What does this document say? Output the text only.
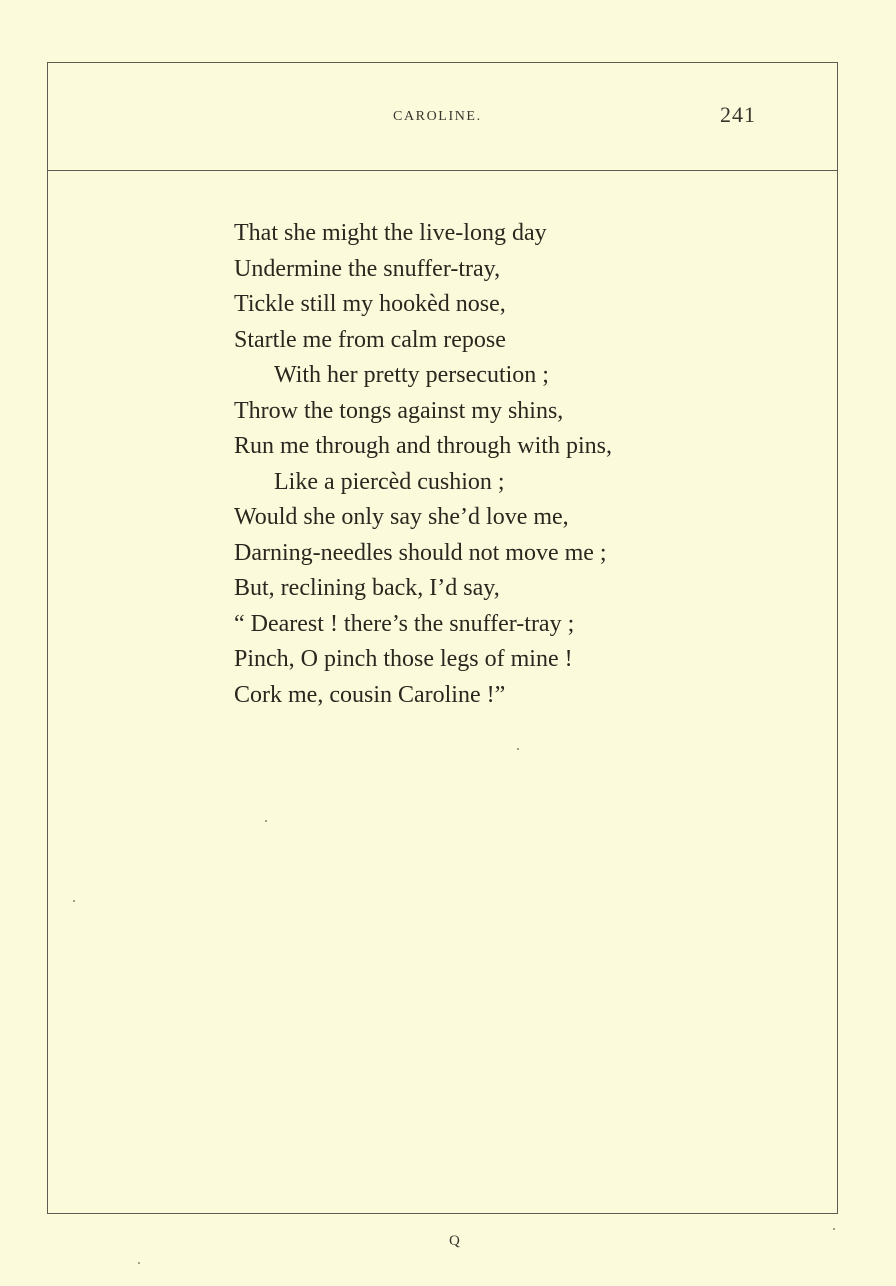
CAROLINE.	241
That she might the live-long day
Undermine the snuffer-tray,
Tickle still my hookèd nose,
Startle me from calm repose
With her pretty persecution ;
Throw the tongs against my shins,
Run me through and through with pins,
Like a piercèd cushion ;
Would she only say she’d love me,
Darning-needles should not move me ;
But, reclining back, I’d say,
“ Dearest ! there’s the snuffer-tray ;
Pinch, O pinch those legs of mine !
Cork me, cousin Caroline !”
Q
